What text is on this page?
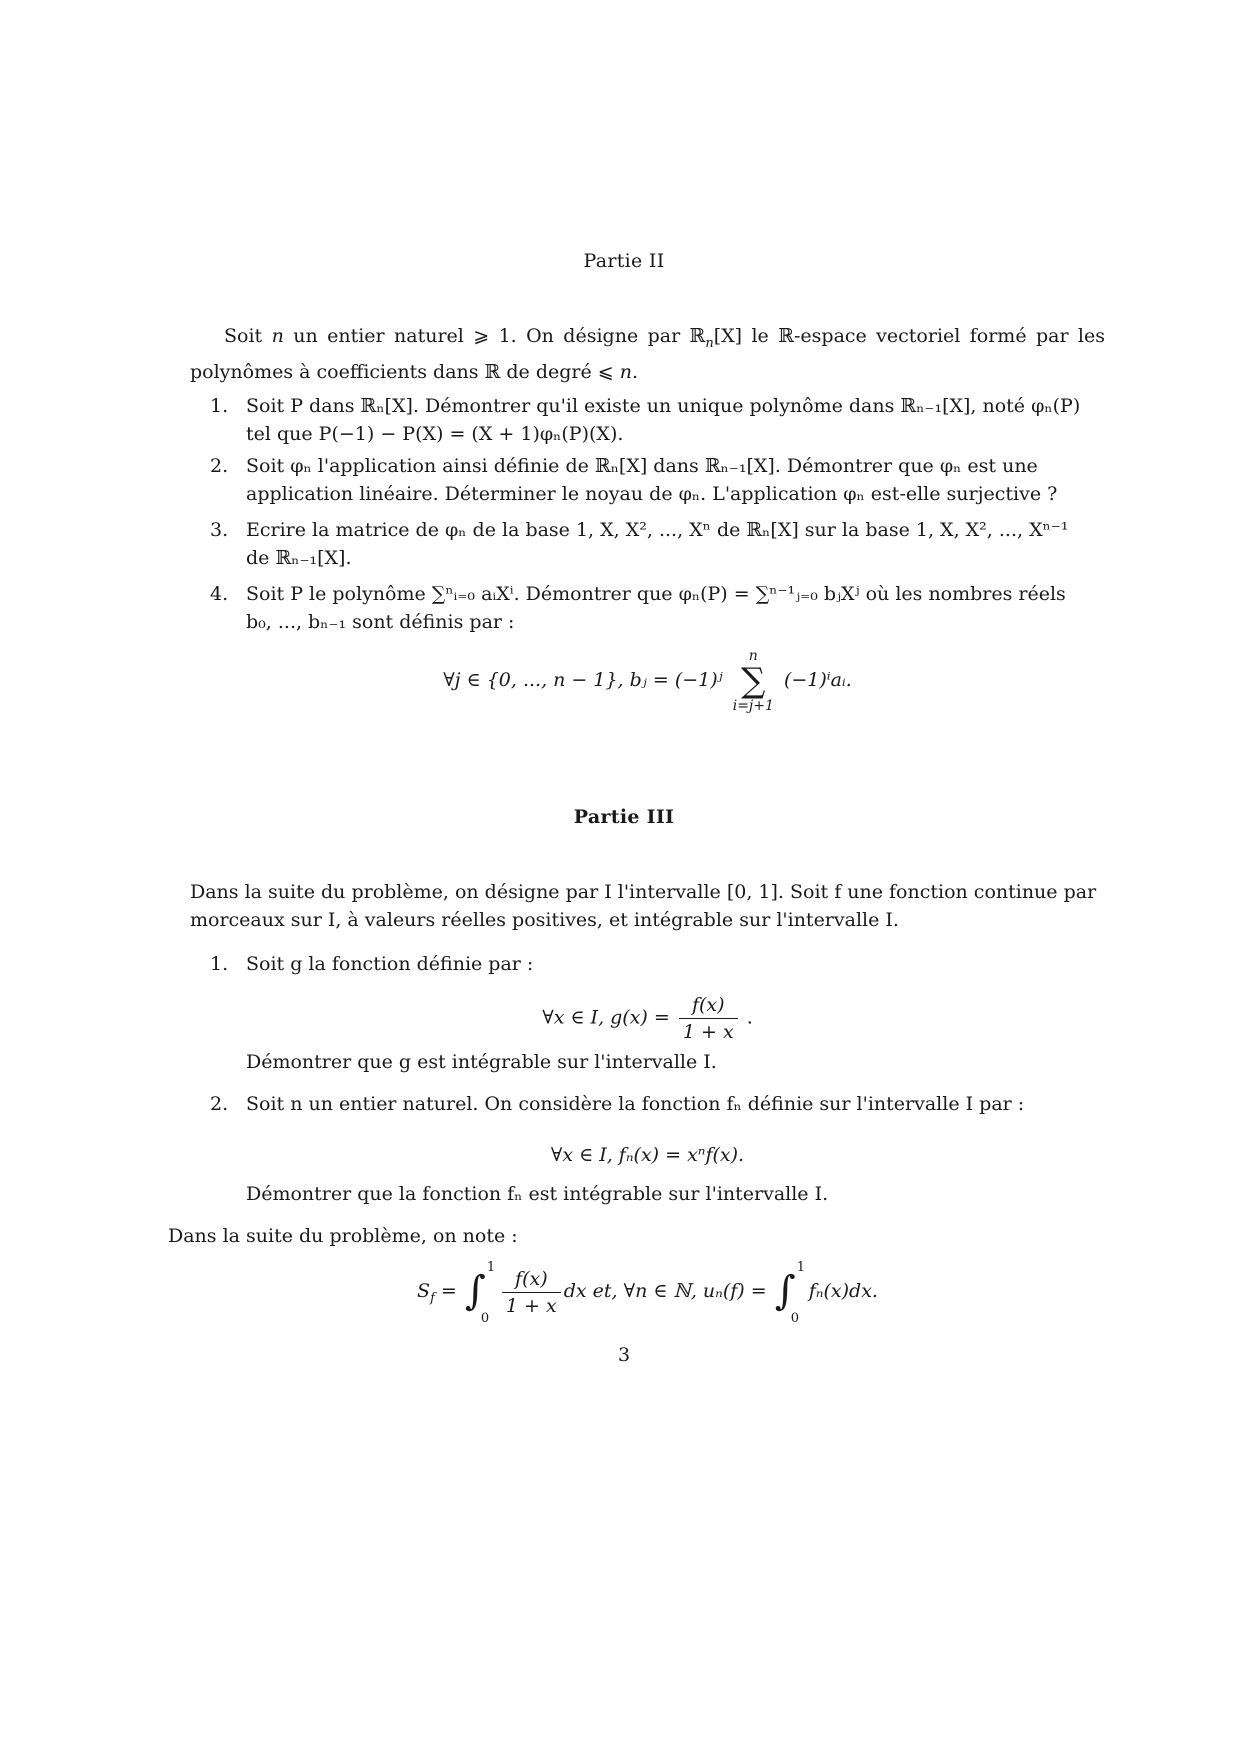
Partie II
Soit n un entier naturel ⩾ 1. On désigne par ℝ$_n$[X] le ℝ-espace vectoriel formé par les polynômes à coefficients dans ℝ de degré ⩽ n.
1. Soit P dans ℝₙ[X]. Démontrer qu'il existe un unique polynôme dans ℝₙ₋₁[X], noté φₙ(P)
tel que P(−1) − P(X) = (X + 1)φₙ(P)(X).
2. Soit φₙ l'application ainsi définie de ℝₙ[X] dans ℝₙ₋₁[X]. Démontrer que φₙ est une
application linéaire. Déterminer le noyau de φₙ. L'application φₙ est-elle surjective ?
3. Ecrire la matrice de φₙ de la base 1, X, X², ..., Xⁿ de ℝₙ[X] sur la base 1, X, X², ..., Xⁿ⁻¹
de ℝₙ₋₁[X].
4. Soit P le polynôme ∑ⁿᵢ₌₀ aᵢXⁱ. Démontrer que φₙ(P) = ∑ⁿ⁻¹ⱼ₌₀ bⱼXʲ où les nombres réels
b₀, ..., bₙ₋₁ sont définis par :
∀j ∈ {0, ..., n − 1}, bⱼ = (−1)ʲ
n
∑
i=j+1
(−1)ⁱaᵢ.
Partie III
Dans la suite du problème, on désigne par I l'intervalle [0, 1]. Soit f une fonction continue par
morceaux sur I, à valeurs réelles positives, et intégrable sur l'intervalle I.
1. Soit g la fonction définie par :
∀x ∈ I, $g(x) = \frac{f(x)}{1 + x}$ .
Démontrer que g est intégrable sur l'intervalle I.
2. Soit n un entier naturel. On considère la fonction fₙ définie sur l'intervalle I par :
∀x ∈ I, fₙ(x) = xⁿf(x).
Démontrer que la fonction fₙ est intégrable sur l'intervalle I.
Dans la suite du problème, on note :
$S_f$ = ∫
1
0

$\frac{f(x)}{1 + x}$ dx et, ∀n ∈ ℕ, uₙ(f) = ∫
1
0
fₙ(x)dx.
3
